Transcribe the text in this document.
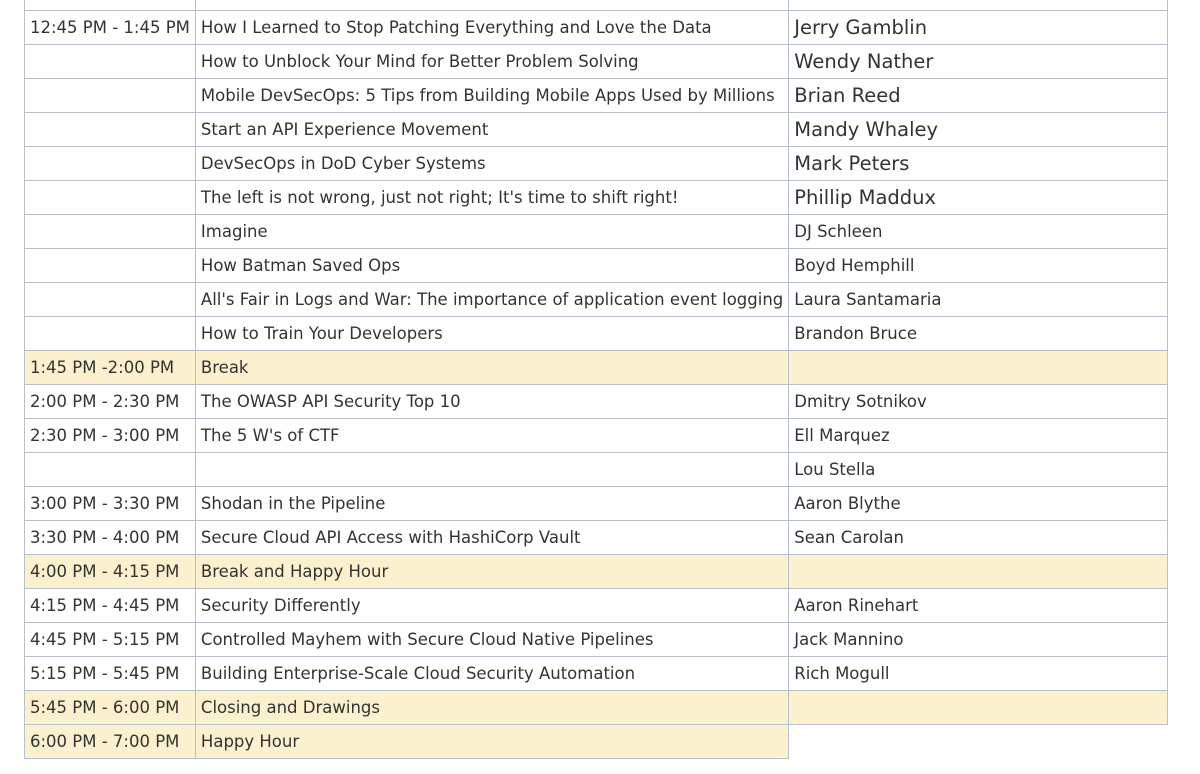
12:45 PM - 1:45 PM	How I Learned to Stop Patching Everything and Love the Data	Jerry Gamblin
	How to Unblock Your Mind for Better Problem Solving	Wendy Nather
	Mobile DevSecOps: 5 Tips from Building Mobile Apps Used by Millions	Brian Reed
	Start an API Experience Movement	Mandy Whaley
	DevSecOps in DoD Cyber Systems	Mark Peters
	The left is not wrong, just not right; It's time to shift right!	Phillip Maddux
	Imagine	DJ Schleen
	How Batman Saved Ops	Boyd Hemphill
	All's Fair in Logs and War: The importance of application event logging	Laura Santamaria
	How to Train Your Developers	Brandon Bruce
1:45 PM -2:00 PM	Break	
2:00 PM - 2:30 PM	The OWASP API Security Top 10	Dmitry Sotnikov
2:30 PM - 3:00 PM	The 5 W's of CTF	Ell Marquez
		Lou Stella
3:00 PM - 3:30 PM	Shodan in the Pipeline	Aaron Blythe
3:30 PM - 4:00 PM	Secure Cloud API Access with HashiCorp Vault	Sean Carolan
4:00 PM - 4:15 PM	Break and Happy Hour	
4:15 PM - 4:45 PM	Security Differently	Aaron Rinehart
4:45 PM - 5:15 PM	Controlled Mayhem with Secure Cloud Native Pipelines	Jack Mannino
5:15 PM - 5:45 PM	Building Enterprise-Scale Cloud Security Automation	Rich Mogull
5:45 PM - 6:00 PM	Closing and Drawings	
6:00 PM - 7:00 PM	Happy Hour	
